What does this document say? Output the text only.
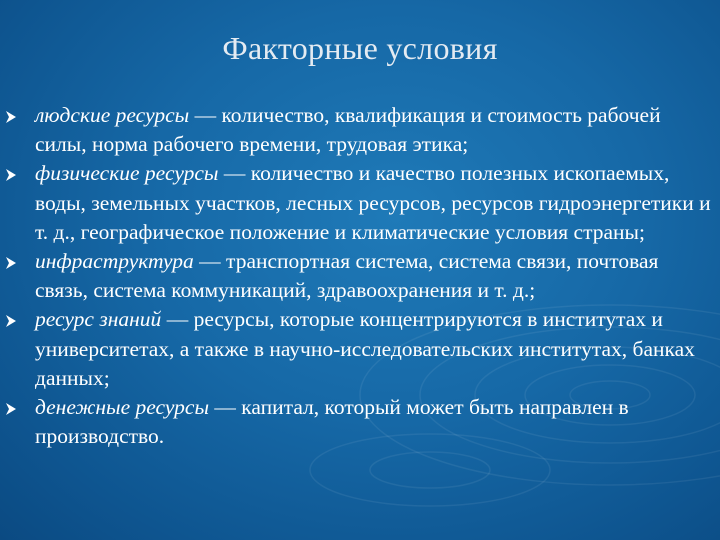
Факторные условия
людские ресурсы — количество, квалификация и стоимость рабочей силы, норма рабочего времени, трудовая этика;
физические ресурсы — количество и качество полезных ископаемых, воды, земельных участков, лесных ресурсов, ресурсов гидроэнергетики и т. д., географическое положение и климатические условия страны;
инфраструктура — транспортная система, система связи, почтовая связь, система коммуникаций, здравоохранения и т. д.;
ресурс знаний — ресурсы, которые концентрируются в институтах и университетах, а также в научно-исследовательских институтах, банках данных;
денежные ресурсы — капитал, который может быть направлен в производство.
